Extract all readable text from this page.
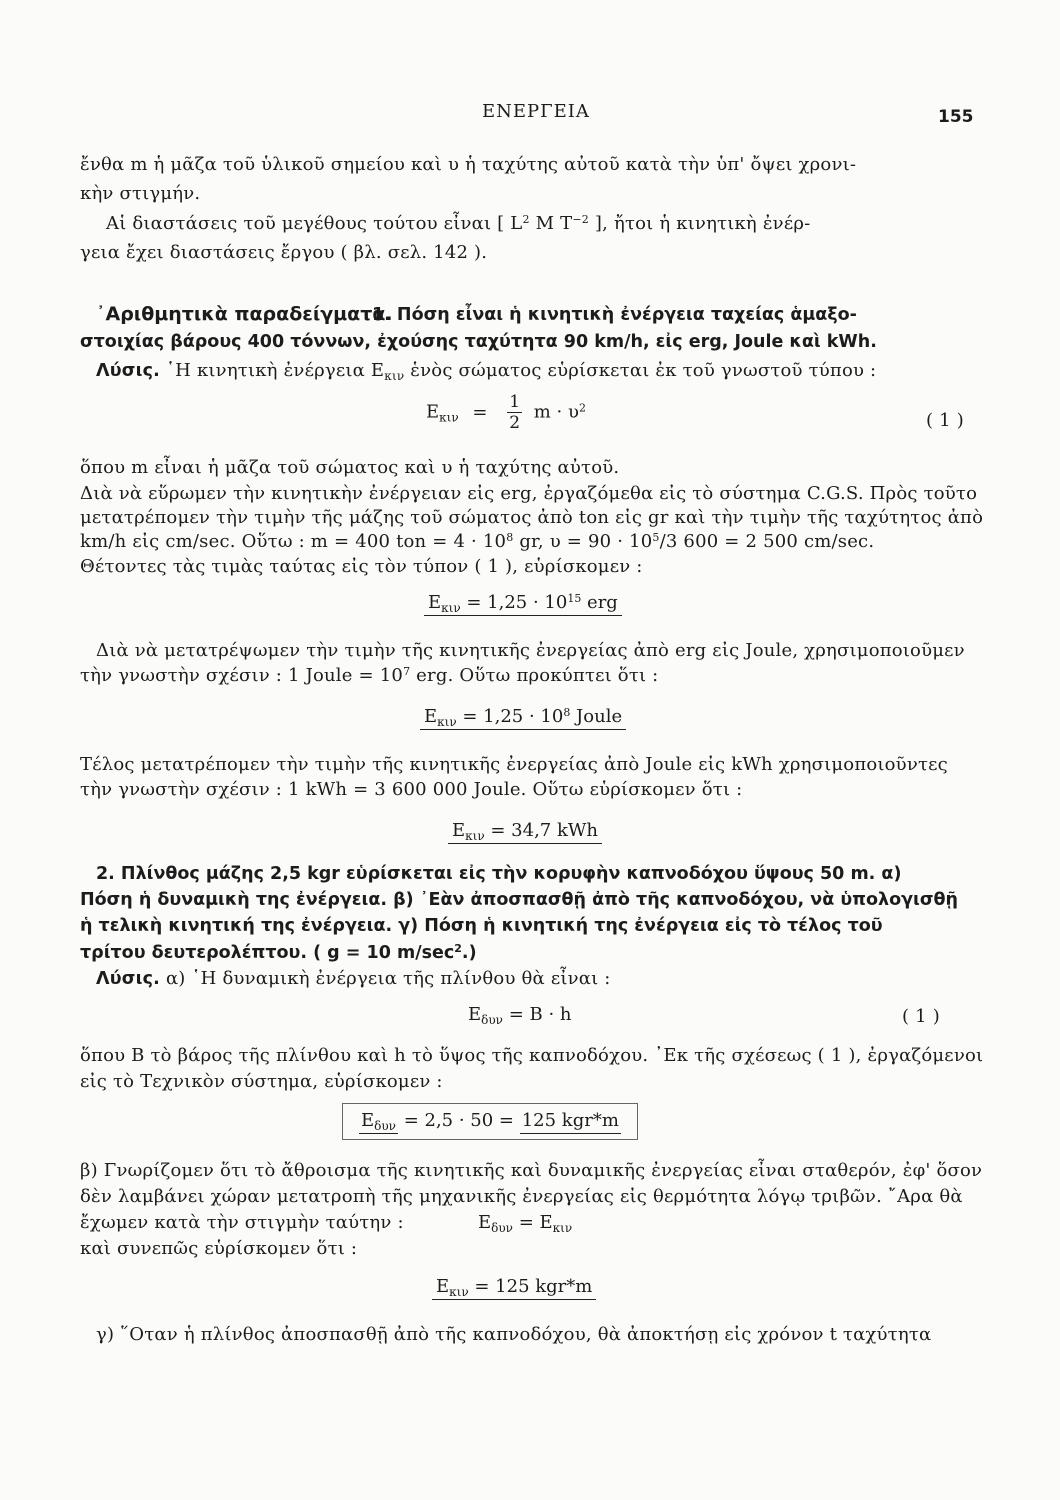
ΕΝΕΡΓΕΙΑ	155
ἔνθα m ἡ μᾶζα τοῦ ὑλικοῦ σημείου καὶ υ ἡ ταχύτης αὐτοῦ κατὰ τὴν ὑπ' ὄψει χρονι-
κὴν στιγμήν.
Αἱ διαστάσεις τοῦ μεγέθους τούτου εἶναι [ $L^2$ M $T^{-2}$ ], ἤτοι ἡ κινητικὴ ἐνέρ-
γεια ἔχει διαστάσεις ἔργου ( βλ. σελ. 142 ).
᾿Αριθμητικὰ παραδείγματα.
1. Πόση εἶναι ἡ κινητικὴ ἐνέργεια ταχείας ἁμαξο-
στοιχίας βάρους 400 τόννων, ἐχούσης ταχύτητα 90 km/h, εἰς erg, Joule καὶ kWh.
Λύσις. ῾Η κινητικὴ ἐνέργεια $E_{\kappa\iota\nu}$ ἑνὸς σώματος εὑρίσκεται ἐκ τοῦ γνωστοῦ τύπου :
$E_{\kappa\iota\nu} = \frac{1}{2}$ $m \cdot \upsilon^2$
( 1 )
ὅπου m εἶναι ἡ μᾶζα τοῦ σώματος καὶ υ ἡ ταχύτης αὐτοῦ.
Διὰ νὰ εὕρωμεν τὴν κινητικὴν ἐνέργειαν εἰς erg, ἐργαζόμεθα εἰς τὸ σύστημα C.G.S. Πρὸς τοῦτο
μετατρέπομεν τὴν τιμὴν τῆς μάζης τοῦ σώματος ἀπὸ ton εἰς gr καὶ τὴν τιμὴν τῆς ταχύτητος ἀπὸ
km/h εἰς cm/sec. Οὕτω : m = 400 ton = $4 \cdot 10^8$ gr, $\upsilon = 90 \cdot 10^5/3$ 600 = 2 500 cm/sec.
Θέτοντες τὰς τιμὰς ταύτας εἰς τὸν τύπον ( 1 ), εὑρίσκομεν :
$E_{\kappa\iota\nu} = 1,25 \cdot 10^{15}$ erg
Διὰ νὰ μετατρέψωμεν τὴν τιμὴν τῆς κινητικῆς ἐνεργείας ἀπὸ erg εἰς Joule, χρησιμοποιοῦμεν
τὴν γνωστὴν σχέσιν : 1 Joule = $10^7$ erg. Οὕτω προκύπτει ὅτι :
$E_{\kappa\iota\nu} = 1,25 \cdot 10^8$ Joule
Τέλος μετατρέπομεν τὴν τιμὴν τῆς κινητικῆς ἐνεργείας ἀπὸ Joule εἰς kWh χρησιμοποιοῦντες
τὴν γνωστὴν σχέσιν : 1 kWh = 3 600 000 Joule. Οὕτω εὑρίσκομεν ὅτι :
$E_{\kappa\iota\nu} = 34,7$ kWh
2. Πλίνθος μάζης 2,5 kgr εὑρίσκεται εἰς τὴν κορυφὴν καπνοδόχου ὕψους 50 m. α)
Πόση ἡ δυναμικὴ της ἐνέργεια. β) ᾿Εὰν ἀποσπασθῇ ἀπὸ τῆς καπνοδόχου, νὰ ὑπολογισθῇ
ἡ τελικὴ κινητική της ἐνέργεια. γ) Πόση ἡ κινητική της ἐνέργεια εἰς τὸ τέλος τοῦ
τρίτου δευτερολέπτου. ( g = 10 $m/\sec^2$.)
Λύσις. α) ῾Η δυναμικὴ ἐνέργεια τῆς πλίνθου θὰ εἶναι :
$E_{\delta\upsilon\nu} = B \cdot h$	( 1 )
ὅπου B τὸ βάρος τῆς πλίνθου καὶ h τὸ ὕψος τῆς καπνοδόχου. ᾿Εκ τῆς σχέσεως ( 1 ), ἐργαζόμενοι
εἰς τὸ Τεχνικὸν σύστημα, εὑρίσκομεν :
$E_{\delta\upsilon\nu} = 2,5 \cdot 50 = 125$ kgr*m
β) Γνωρίζομεν ὅτι τὸ ἄθροισμα τῆς κινητικῆς καὶ δυναμικῆς ἐνεργείας εἶναι σταθερόν, ἐφ' ὅσον
δὲν λαμβάνει χώραν μετατροπὴ τῆς μηχανικῆς ἐνεργείας εἰς θερμότητα λόγῳ τριβῶν. ῎Αρα θὰ
ἔχωμεν κατὰ τὴν στιγμὴν ταύτην :	$E_{\delta\upsilon\nu} = E_{\kappa\iota\nu}$
καὶ συνεπῶς εὑρίσκομεν ὅτι :
$E_{\kappa\iota\nu} = 125$ kgr*m
γ) ῞Οταν ἡ πλίνθος ἀποσπασθῇ ἀπὸ τῆς καπνοδόχου, θὰ ἀποκτήσῃ εἰς χρόνον t ταχύτητα
